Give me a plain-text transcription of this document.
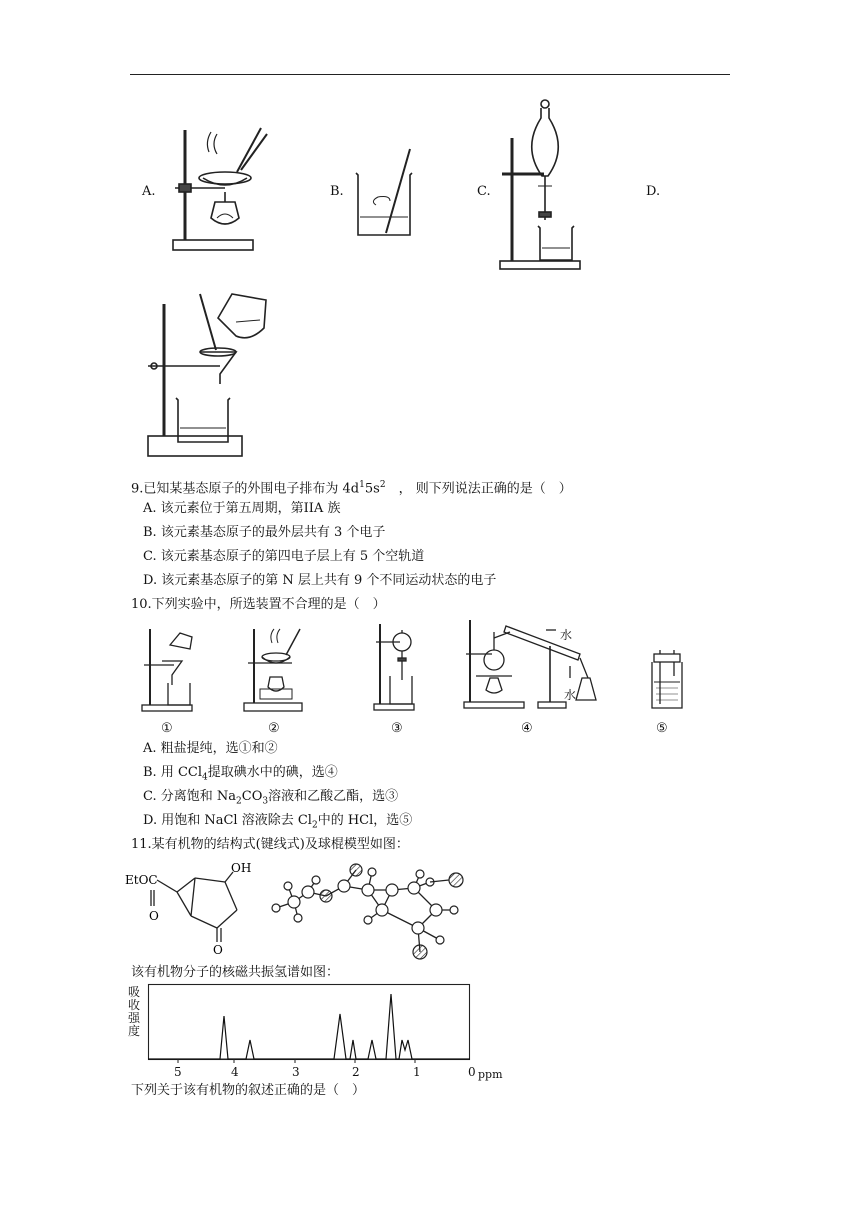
A.	B.	C.	D.
9.已知某基态原子的外围电子排布为 $4d^15s^2$　， 则下列说法正确的是（　）
A. 该元素位于第五周期，第IIA 族
B. 该元素基态原子的最外层共有 3 个电子
C. 该元素基态原子的第四电子层上有 5 个空轨道
D. 该元素基态原子的第 N 层上共有 9 个不同运动状态的电子
10.下列实验中，所选装置不合理的是（　）
水
水
①	②	③	④	⑤
A. 粗盐提纯，选①和②
B. 用 CCl$_4$提取碘水中的碘，选④
C. 分离饱和 $Na_2CO_3$溶液和乙酸乙酯，选③
D. 用饱和 NaCl 溶液除去 $Cl_2$中的 HCl，选⑤
11.某有机物的结构式(键线式)及球棍模型如图：
EtOC
O
OH
O
该有机物分子的核磁共振氢谱如图：
吸
收
强
度
5	4	3	2	1	0 ppm
下列关于该有机物的叙述正确的是（　）
